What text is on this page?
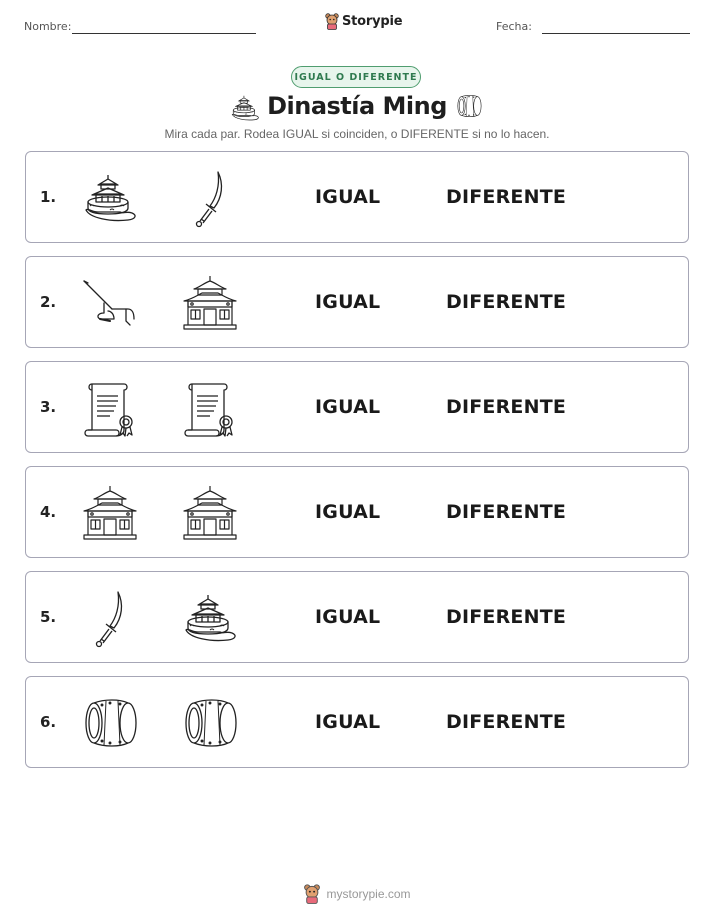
Nombre:	Storypie	Fecha:
IGUAL O DIFERENTE
Dinastía Ming
Mira cada par. Rodea IGUAL si coinciden, o DIFERENTE si no lo hacen.
1.	IGUAL	DIFERENTE
2.	IGUAL	DIFERENTE
3.	IGUAL	DIFERENTE
4.	IGUAL	DIFERENTE
5.	IGUAL	DIFERENTE
6.	IGUAL	DIFERENTE
mystorypie.com
